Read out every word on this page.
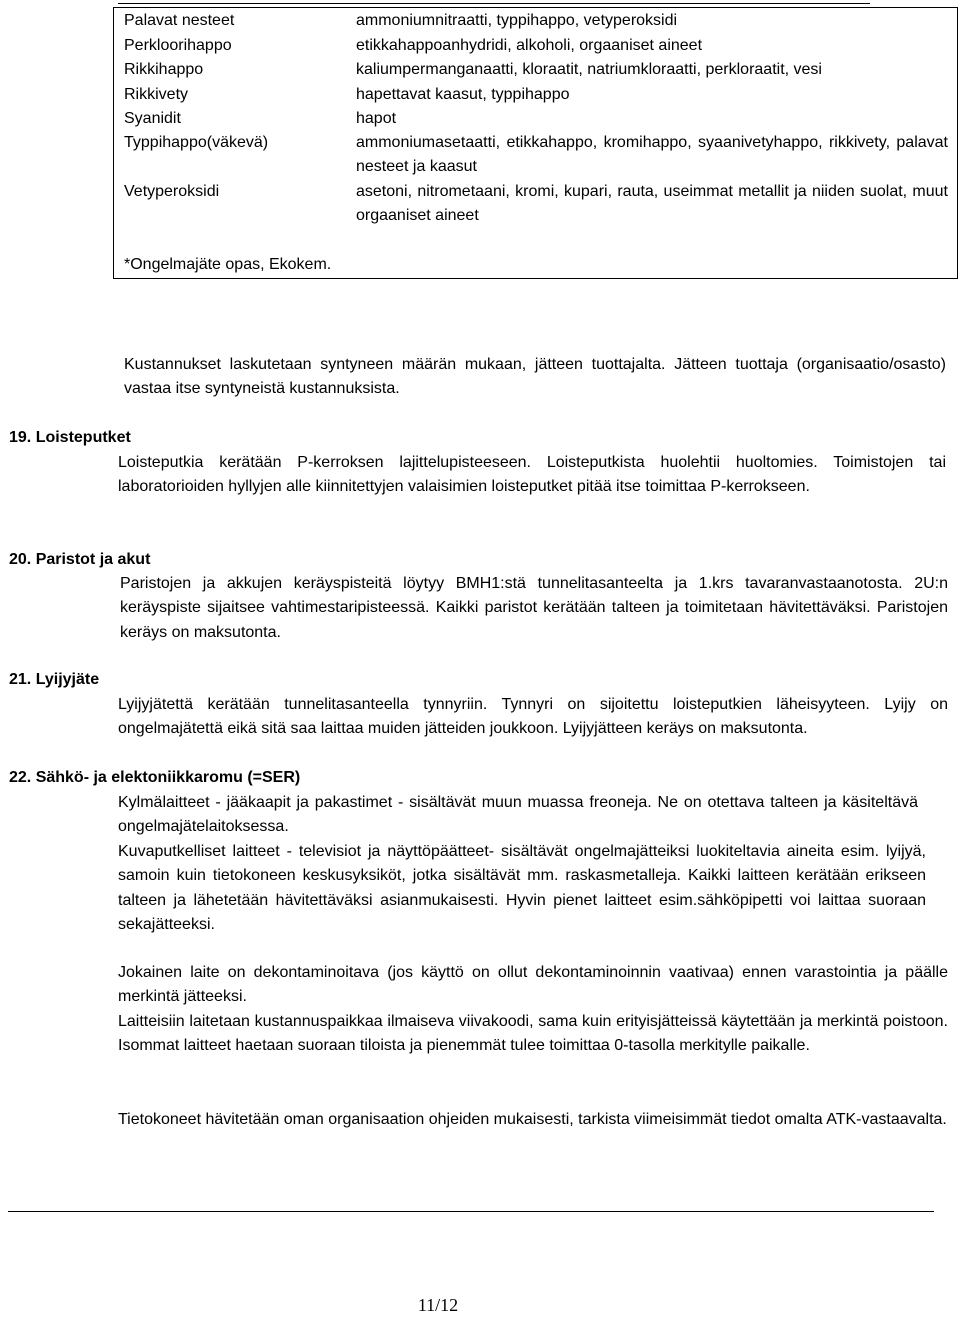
Palavat nesteet	ammoniumnitraatti, typpihappo, vetyperoksidi
Perkloorihappo	etikkahappoanhydridi, alkoholi, orgaaniset aineet
Rikkihappo	kaliumpermanganaatti, kloraatit, natriumkloraatti, perkloraatit, vesi
Rikkivety	hapettavat kaasut, typpihappo
Syanidit	hapot
Typpihappo(väkevä)	ammoniumasetaatti, etikkahappo, kromihappo, syaanivetyhappo, rikkivety, palavat nesteet ja kaasut
Vetyperoksidi	asetoni, nitrometaani, kromi, kupari, rauta, useimmat metallit ja niiden suolat, muut orgaaniset aineet
*Ongelmajäte opas, Ekokem.
Kustannukset laskutetaan syntyneen määrän mukaan, jätteen tuottajalta. Jätteen tuottaja (organisaatio/osasto) vastaa itse syntyneistä kustannuksista.
19. Loisteputket
Loisteputkia kerätään P-kerroksen lajittelupisteeseen. Loisteputkista huolehtii huoltomies. Toimistojen tai laboratorioiden hyllyjen alle kiinnitettyjen valaisimien loisteputket pitää itse toimittaa P-kerrokseen.
20. Paristot ja akut
Paristojen ja akkujen keräyspisteitä löytyy BMH1:stä tunnelitasanteelta ja 1.krs tavaranvastaanotosta. 2U:n keräyspiste sijaitsee vahtimestaripisteessä. Kaikki paristot kerätään talteen ja toimitetaan hävitettäväksi. Paristojen keräys on maksutonta.
21. Lyijyjäte
Lyijyjätettä kerätään tunnelitasanteella tynnyriin. Tynnyri on sijoitettu loisteputkien läheisyyteen. Lyijy on ongelmajätettä eikä sitä saa laittaa muiden jätteiden joukkoon. Lyijyjätteen keräys on maksutonta.
22. Sähkö- ja elektoniikkaromu (=SER)
Kylmälaitteet - jääkaapit ja pakastimet - sisältävät muun muassa freoneja. Ne on otettava talteen ja käsiteltävä ongelmajätelaitoksessa.
Kuvaputkelliset laitteet - televisiot ja näyttöpäätteet- sisältävät ongelmajätteiksi luokiteltavia aineita esim. lyijyä, samoin kuin tietokoneen keskusyksiköt, jotka sisältävät mm. raskasmetalleja. Kaikki laitteen kerätään erikseen talteen ja lähetetään hävitettäväksi asianmukaisesti. Hyvin pienet laitteet esim.sähköpipetti voi laittaa suoraan sekajätteeksi.
Jokainen laite on dekontaminoitava (jos käyttö on ollut dekontaminoinnin vaativaa) ennen varastointia ja päälle merkintä jätteeksi.
Laitteisiin laitetaan kustannuspaikkaa ilmaiseva viivakoodi, sama kuin erityisjätteissä käytettään ja merkintä poistoon. Isommat laitteet haetaan suoraan tiloista ja pienemmät tulee toimittaa 0-tasolla merkitylle paikalle.
Tietokoneet hävitetään oman organisaation ohjeiden mukaisesti, tarkista viimeisimmät tiedot omalta ATK-vastaavalta.
11/12
